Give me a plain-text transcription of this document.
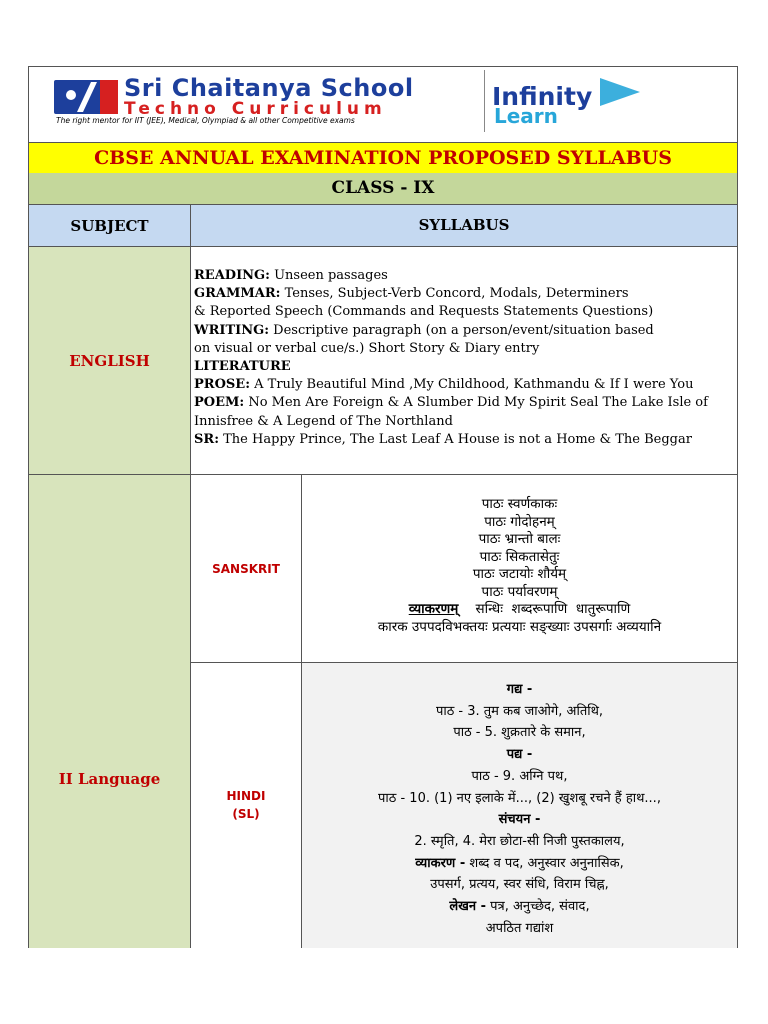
Sri Chaitanya School
Techno Curriculum
The right mentor for IIT (JEE), Medical, Olympiad & all other Competitive exams
Infinity
Learn
CBSE ANNUAL EXAMINATION PROPOSED SYLLABUS
CLASS - IX
SUBJECT	SYLLABUS
ENGLISH

READING: Unseen passages

GRAMMAR: Tenses, Subject-Verb Concord, Modals, Determiners

& Reported Speech (Commands and Requests Statements Questions)

WRITING: Descriptive paragraph (on a person/event/situation based

on visual or verbal cue/s.) Short Story & Diary entry

LITERATURE

PROSE: A Truly Beautiful Mind ,My Childhood, Kathmandu & If I were You

POEM: No Men Are Foreign & A Slumber Did My Spirit Seal The Lake Isle of

Innisfree & A Legend of The Northland

SR: The Happy Prince, The Last Leaf A House is not a Home & The Beggar

II Language
SANSKRIT

पाठः स्वर्णकाकः

पाठः गोदोहनम्

पाठः भ्रान्तो बालः

पाठः सिकतासेतुः

पाठः जटायोः शौर्यम्

पाठः पर्यावरणम्

व्याकरणम्    सन्धिः  शब्दरूपाणि  धातुरूपाणि

कारक उपपदविभक्तयः प्रत्ययाः सङ्ख्याः उपसर्गाः अव्ययानि

HINDI
(SL)

गद्य -

पाठ - 3. तुम कब जाओगे, अतिथि,

पाठ - 5. शुक्रतारे के समान,

पद्य -

पाठ - 9. अग्नि पथ,

पाठ - 10. (1) नए इलाके में..., (2) खुशबू रचने हैं हाथ...,

संचयन -

2. स्मृति, 4. मेरा छोटा-सी निजी पुस्तकालय,

व्याकरण - शब्द व पद, अनुस्वार अनुनासिक,

उपसर्ग, प्रत्यय, स्वर संधि, विराम चिह्न,

लेखन - पत्र, अनुच्छेद, संवाद,

अपठित गद्यांश
